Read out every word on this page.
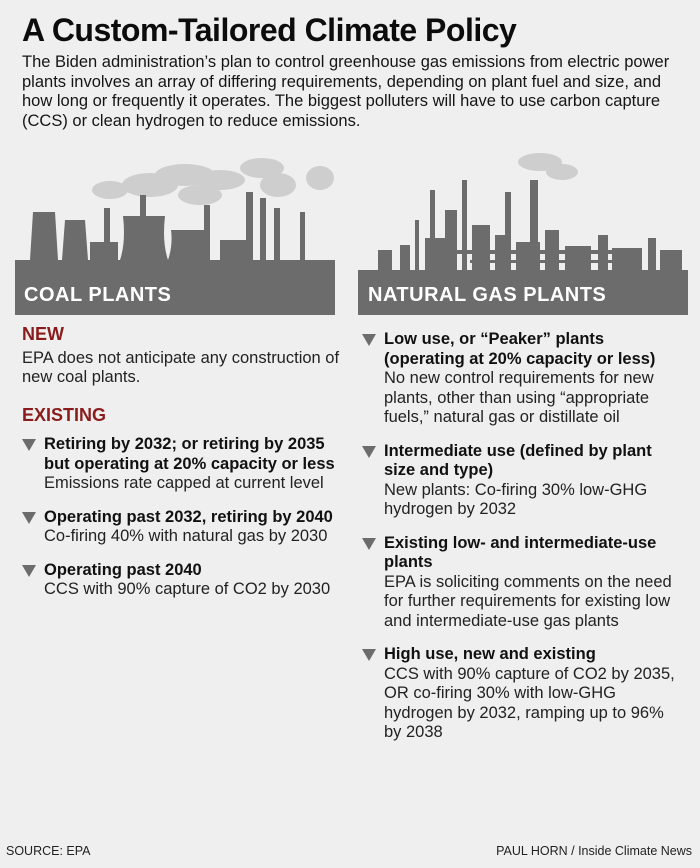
A Custom-Tailored Climate Policy
The Biden administration’s plan to control greenhouse gas emissions from electric power plants involves an array of differing requirements, depending on plant fuel and size, and how long or frequently it operates. The biggest polluters will have to use carbon capture (CCS) or clean hydrogen to reduce emissions.
COAL PLANTS	NATURAL GAS PLANTS
NEW
EPA does not anticipate any construction of new coal plants.
EXISTING
Retiring by 2032; or retiring by 2035 but operating at 20% capacity or less
Emissions rate capped at current level
Operating past 2032, retiring by 2040
Co-firing 40% with natural gas by 2030
Operating past 2040
CCS with 90% capture of CO2 by 2030
Low use, or “Peaker” plants (operating at 20% capacity or less)
No new control requirements for new plants, other than using “appropriate fuels,” natural gas or distillate oil
Intermediate use (defined by plant size and type)
New plants: Co-firing 30% low-GHG hydrogen by 2032
Existing low- and intermediate-use plants
EPA is soliciting comments on the need for further requirements for existing low and intermediate-use gas plants
High use, new and existing
CCS with 90% capture of CO2 by 2035, OR co-firing 30% with low-GHG hydrogen by 2032, ramping up to 96% by 2038
SOURCE: EPA	PAUL HORN / Inside Climate News
